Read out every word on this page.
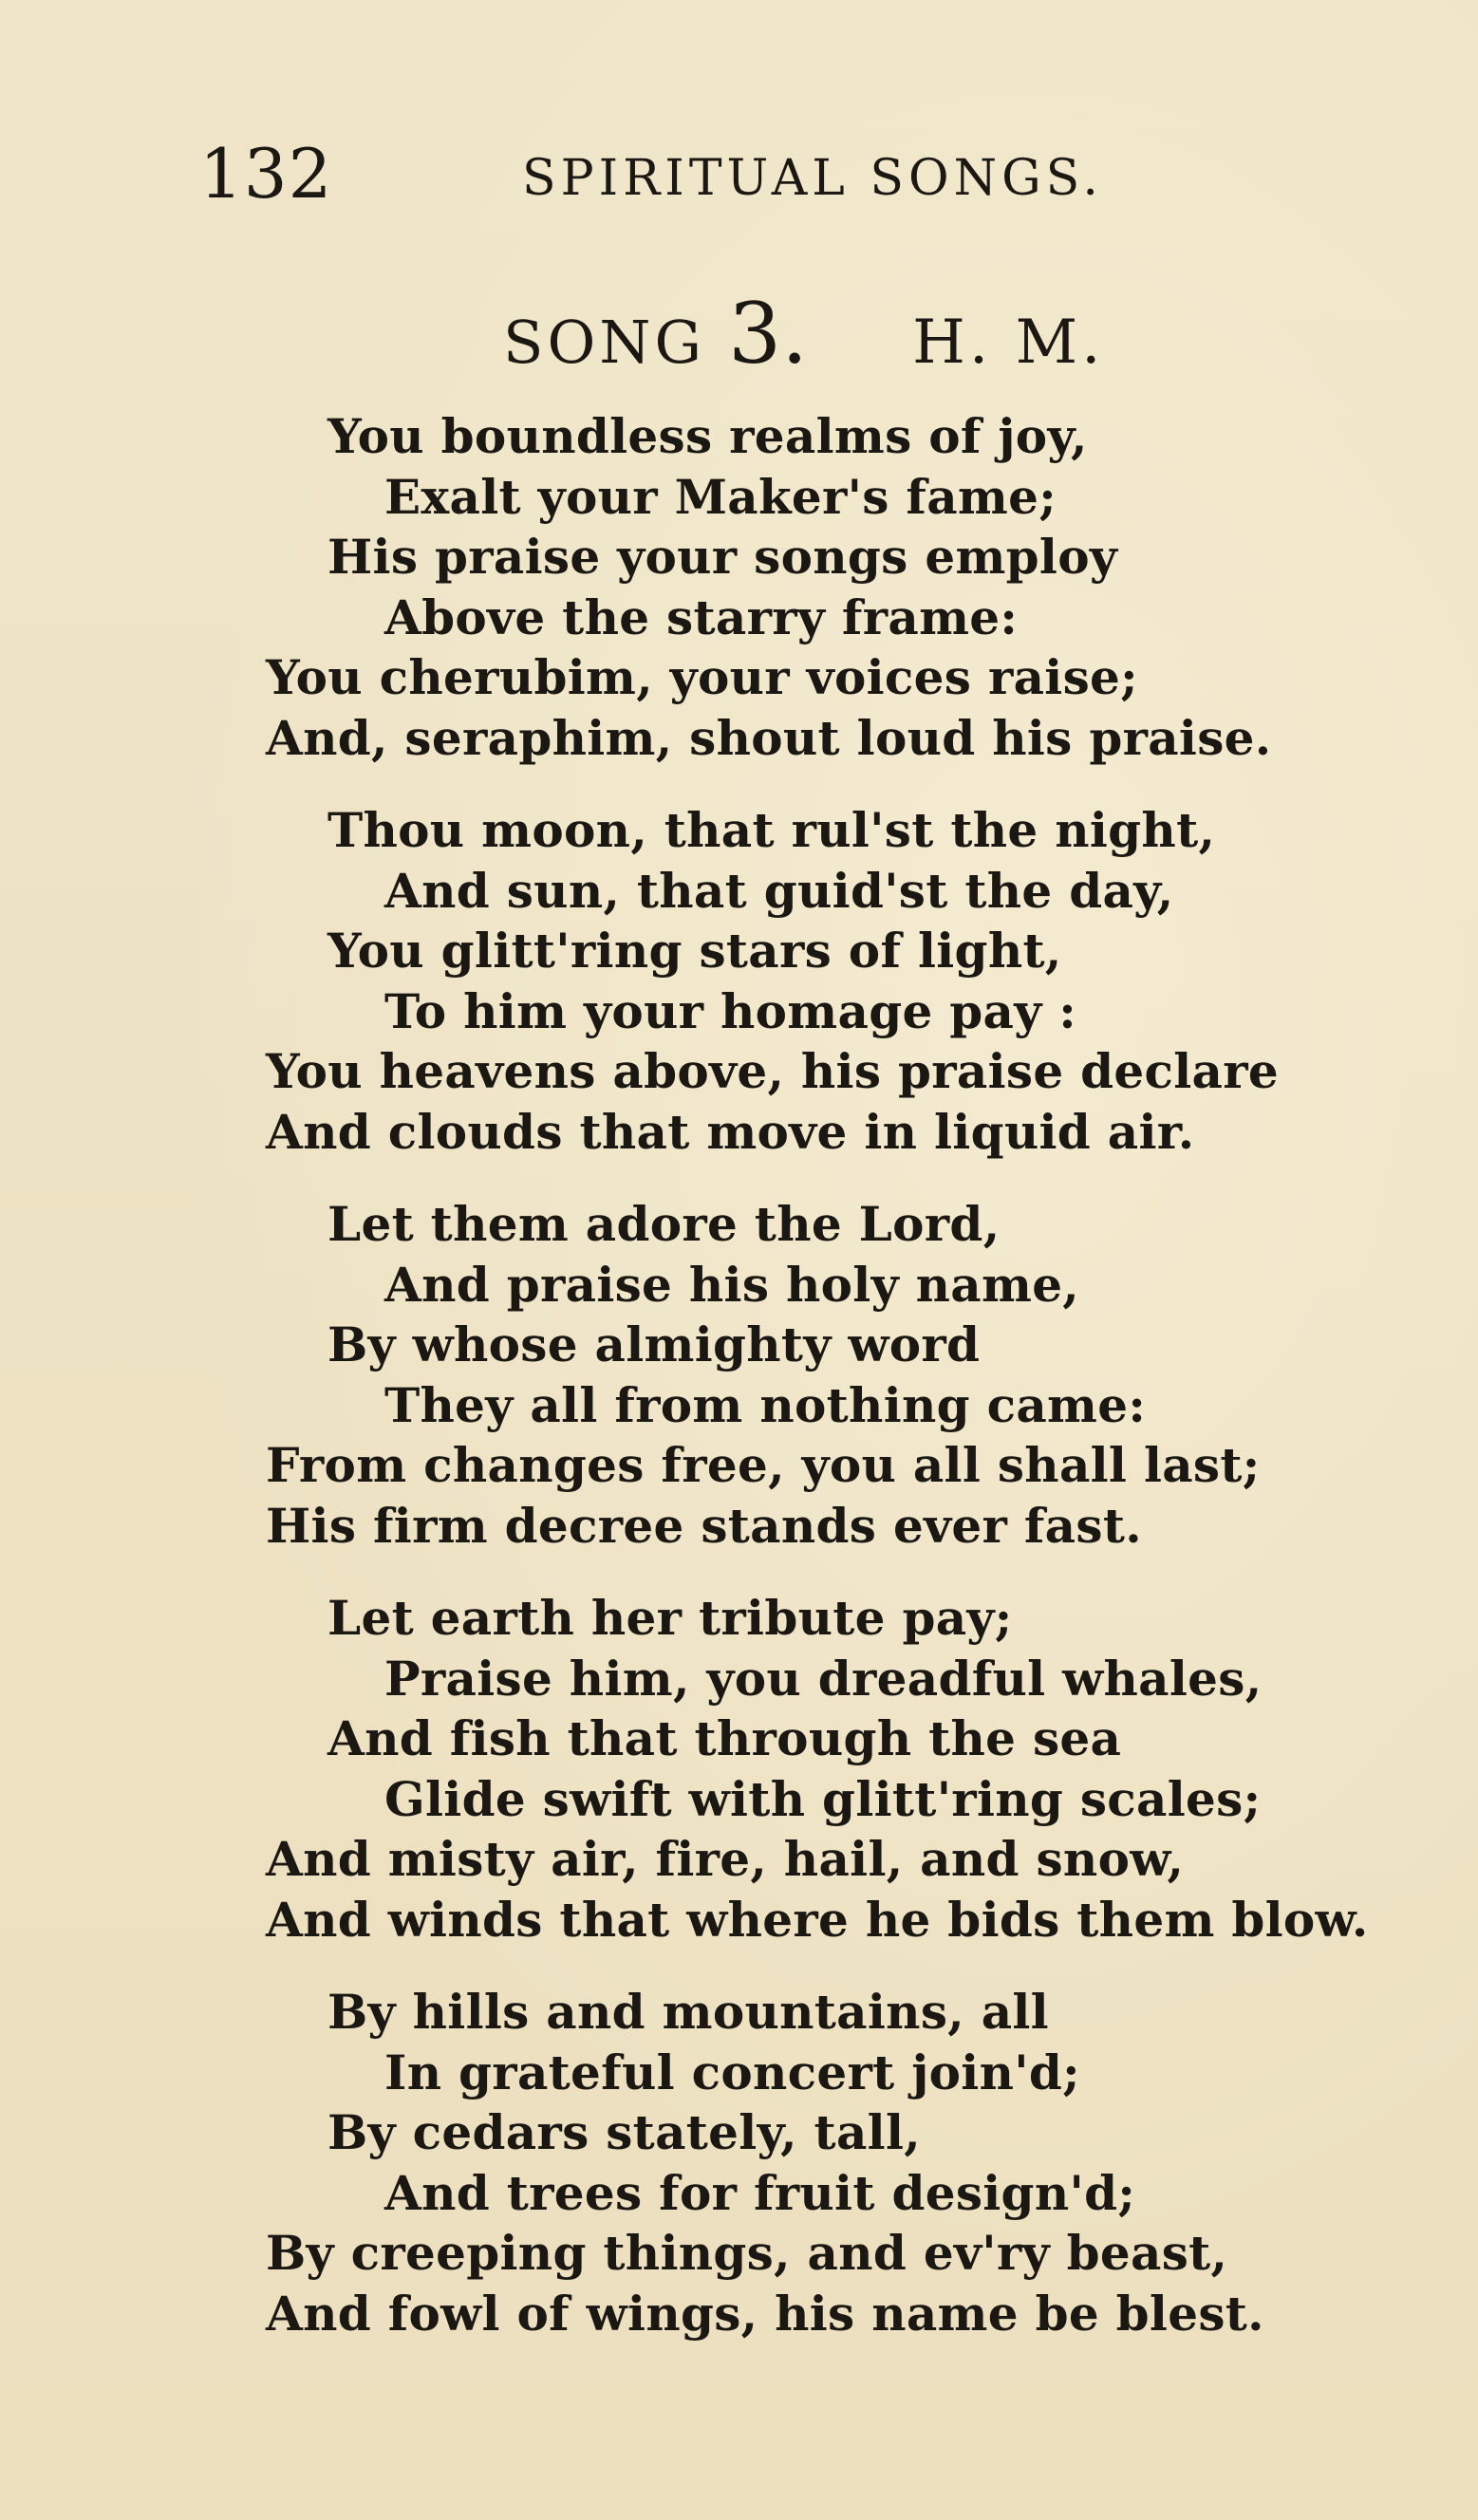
132	SPIRITUAL SONGS.
SONG 3. H. M.
You boundless realms of joy,
Exalt your Maker's fame;
His praise your songs employ
Above the starry frame:
You cherubim, your voices raise;
And, seraphim, shout loud his praise.
Thou moon, that rul'st the night,
And sun, that guid'st the day,
You glitt'ring stars of light,
To him your homage pay :
You heavens above, his praise declare
And clouds that move in liquid air.
Let them adore the Lord,
And praise his holy name,
By whose almighty word
They all from nothing came:
From changes free, you all shall last;
His firm decree stands ever fast.
Let earth her tribute pay;
Praise him, you dreadful whales,
And fish that through the sea
Glide swift with glitt'ring scales;
And misty air, fire, hail, and snow,
And winds that where he bids them blow.
By hills and mountains, all
In grateful concert join'd;
By cedars stately, tall,
And trees for fruit design'd;
By creeping things, and ev'ry beast,
And fowl of wings, his name be blest.
